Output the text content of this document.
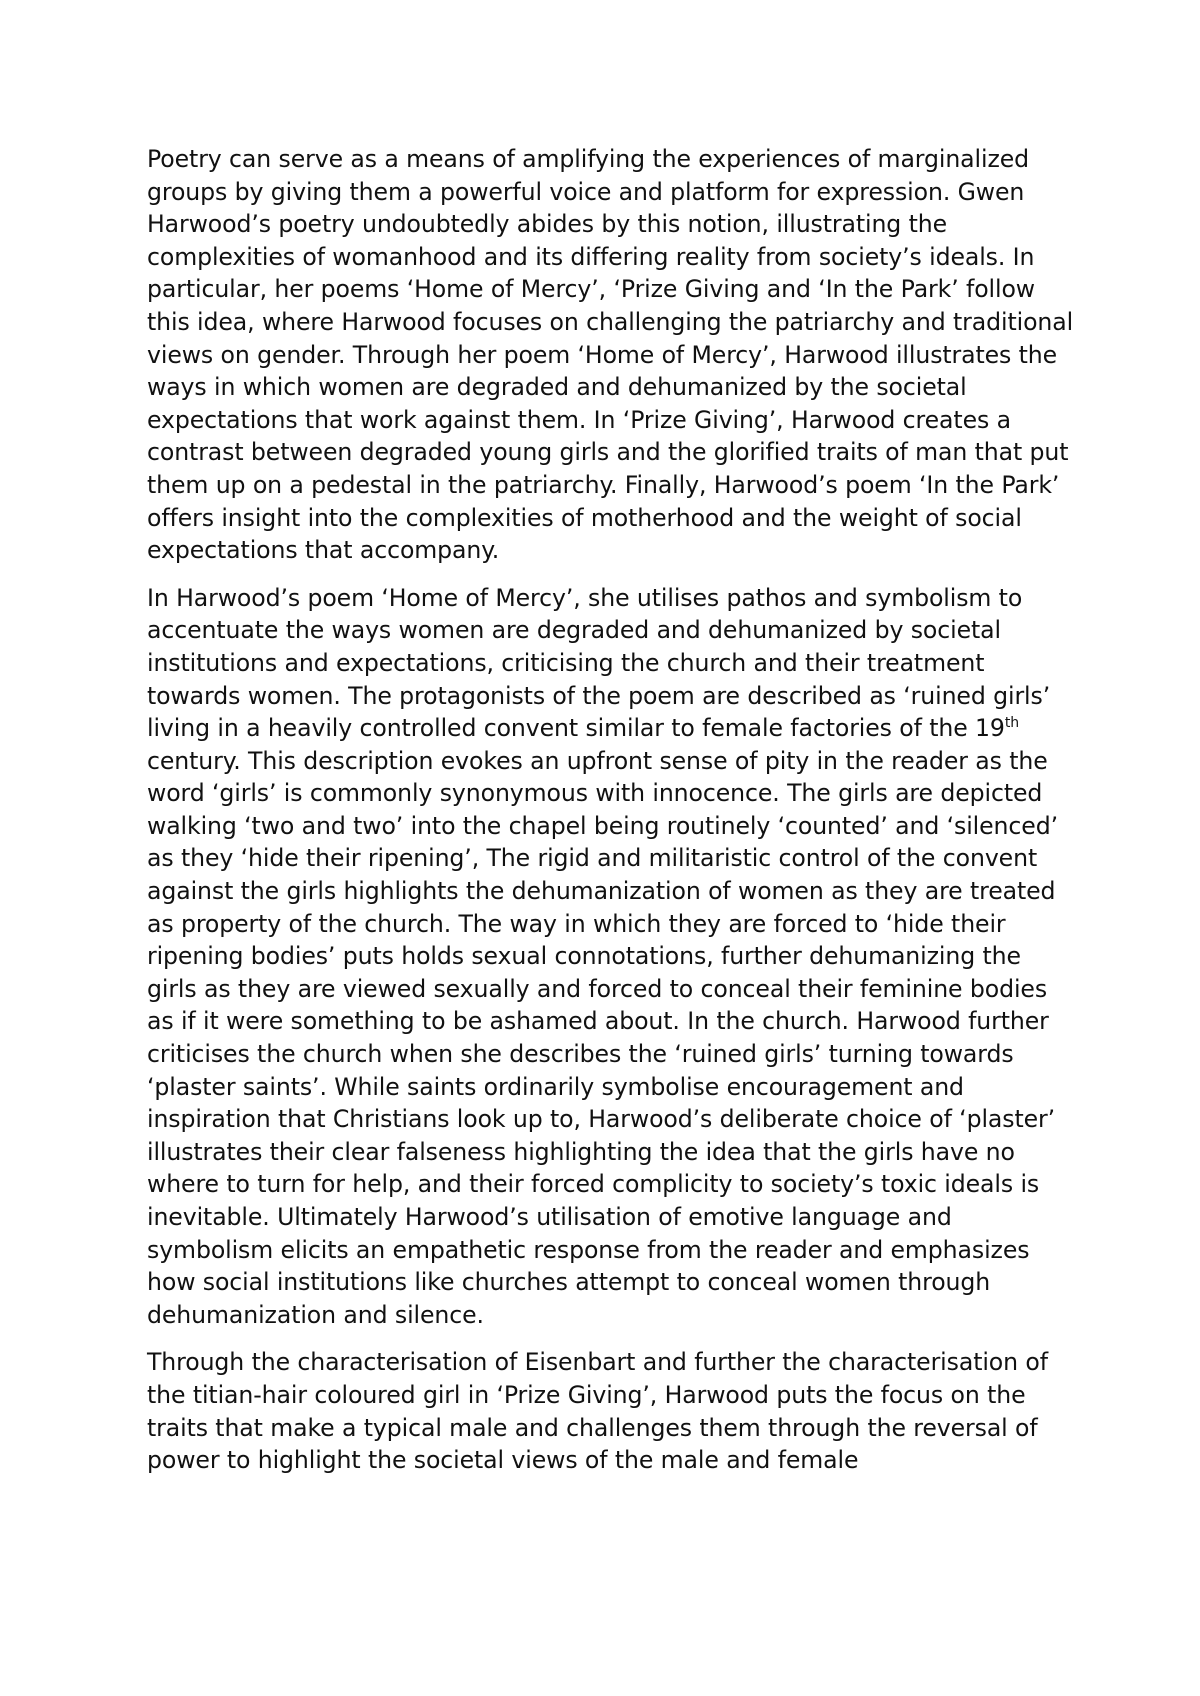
Poetry can serve as a means of amplifying the experiences of marginalized groups by giving them a powerful voice and platform for expression. Gwen Harwood’s poetry undoubtedly abides by this notion, illustrating the complexities of womanhood and its differing reality from society’s ideals. In particular, her poems ‘Home of Mercy’, ‘Prize Giving and ‘In the Park’ follow this idea, where Harwood focuses on challenging the patriarchy and traditional views on gender. Through her poem ‘Home of Mercy’, Harwood illustrates the ways in which women are degraded and dehumanized by the societal expectations that work against them. In ‘Prize Giving’, Harwood creates a contrast between degraded young girls and the glorified traits of man that put them up on a pedestal in the patriarchy. Finally, Harwood’s poem ‘In the Park’ offers insight into the complexities of motherhood and the weight of social expectations that accompany.

In Harwood’s poem ‘Home of Mercy’, she utilises pathos and symbolism to accentuate the ways women are degraded and dehumanized by societal institutions and expectations, criticising the church and their treatment towards women. The protagonists of the poem are described as ‘ruined girls’ living in a heavily controlled convent similar to female factories of the 19th century. This description evokes an upfront sense of pity in the reader as the word ‘girls’ is commonly synonymous with innocence. The girls are depicted walking ‘two and two’ into the chapel being routinely ‘counted’ and ‘silenced’ as they ‘hide their ripening’, The rigid and militaristic control of the convent against the girls highlights the dehumanization of women as they are treated as property of the church. The way in which they are forced to ‘hide their ripening bodies’ puts holds sexual connotations, further dehumanizing the girls as they are viewed sexually and forced to conceal their feminine bodies as if it were something to be ashamed about. In the church. Harwood further criticises the church when she describes the ‘ruined girls’ turning towards ‘plaster saints’. While saints ordinarily symbolise encouragement and inspiration that Christians look up to, Harwood’s deliberate choice of ‘plaster’ illustrates their clear falseness highlighting the idea that the girls have no where to turn for help, and their forced complicity to society’s toxic ideals is inevitable. Ultimately Harwood’s utilisation of emotive language and symbolism elicits an empathetic response from the reader and emphasizes how social institutions like churches attempt to conceal women through dehumanization and silence.

Through the characterisation of Eisenbart and further the characterisation of the titian-hair coloured girl in ‘Prize Giving’, Harwood puts the focus on the traits that make a typical male and challenges them through the reversal of power to highlight the societal views of the male and female
